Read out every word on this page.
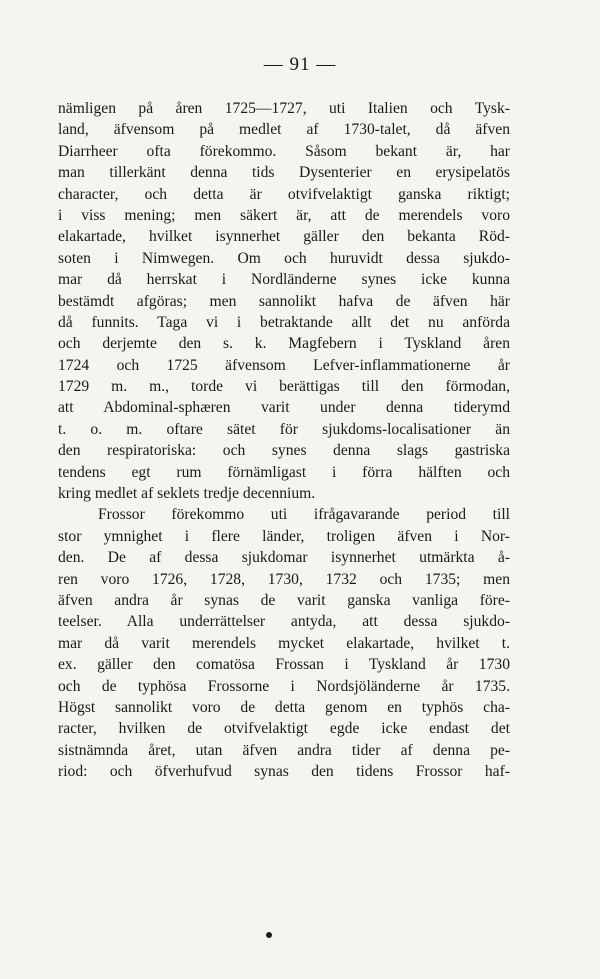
— 91 —
nämligen på åren 1725—1727, uti Italien och Tysk-
land, äfvensom på medlet af 1730-talet, då äfven
Diarrheer ofta förekommo. Såsom bekant är, har
man tillerkänt denna tids Dysenterier en erysipelatös
character, och detta är otvifvelaktigt ganska riktigt;
i viss mening; men säkert är, att de merendels voro
elakartade, hvilket isynnerhet gäller den bekanta Röd-
soten i Nimwegen. Om och huruvidt dessa sjukdo-
mar då herrskat i Nordländerne synes icke kunna
bestämdt afgöras; men sannolikt hafva de äfven här
då funnits. Taga vi i betraktande allt det nu anförda
och derjemte den s. k. Magfebern i Tyskland åren
1724 och 1725 äfvensom Lefver-inflammationerne år
1729 m. m., torde vi berättigas till den förmodan,
att Abdominal-sphæren varit under denna tiderymd
t. o. m. oftare sätet för sjukdoms-localisationer än
den respiratoriska: och synes denna slags gastriska
tendens egt rum förnämligast i förra hälften och
kring medlet af seklets tredje decennium.
Frossor förekommo uti ifrågavarande period till
stor ymnighet i flere länder, troligen äfven i Nor-
den. De af dessa sjukdomar isynnerhet utmärkta å-
ren voro 1726, 1728, 1730, 1732 och 1735; men
äfven andra år synas de varit ganska vanliga före-
teelser. Alla underrättelser antyda, att dessa sjukdo-
mar då varit merendels mycket elakartade, hvilket t.
ex. gäller den comatösa Frossan i Tyskland år 1730
och de typhösa Frossorne i Nordsjöländerne år 1735.
Högst sannolikt voro de detta genom en typhös cha-
racter, hvilken de otvifvelaktigt egde icke endast det
sistnämnda året, utan äfven andra tider af denna pe-
riod: och öfverhufvud synas den tidens Frossor haf-
